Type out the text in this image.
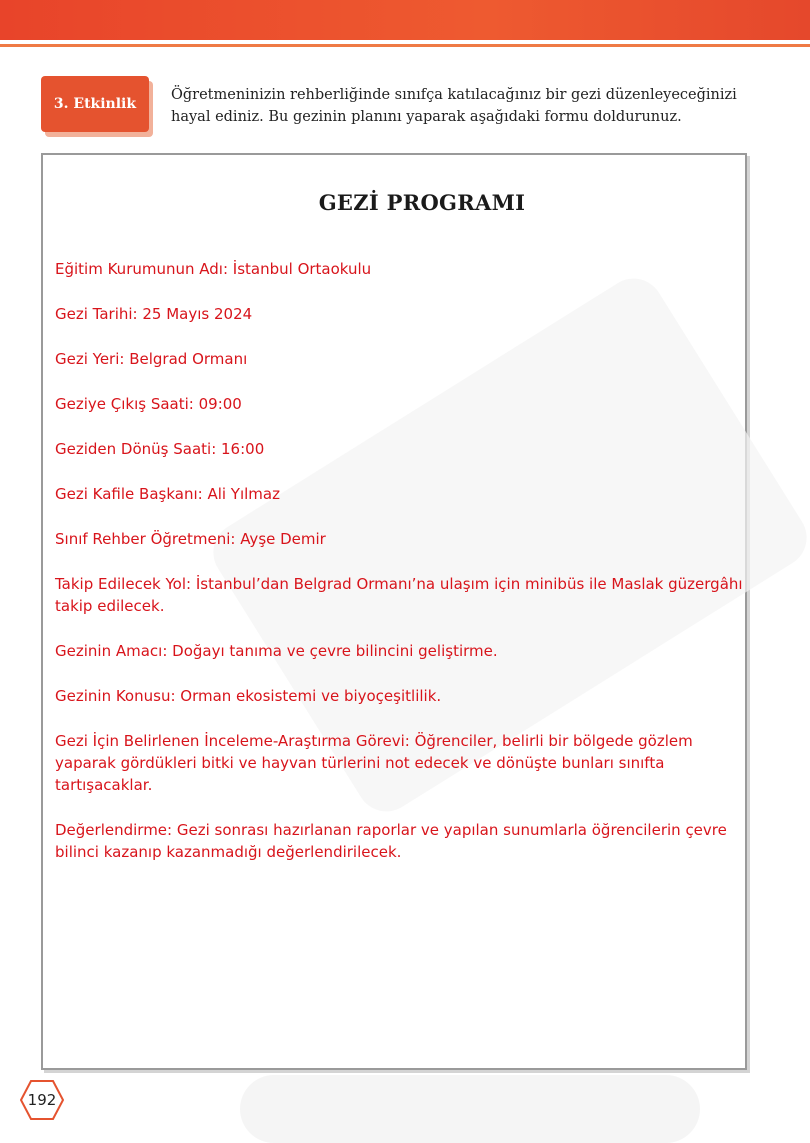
3. Etkinlik
Öğretmeninizin rehberliğinde sınıfça katılacağınız bir gezi düzenleyeceğinizi hayal ediniz. Bu gezinin planını yaparak aşağıdaki formu doldurunuz.
GEZİ PROGRAMI
Eğitim Kurumunun Adı: İstanbul Ortaokulu
Gezi Tarihi: 25 Mayıs 2024
Gezi Yeri: Belgrad Ormanı
Geziye Çıkış Saati: 09:00
Geziden Dönüş Saati: 16:00
Gezi Kafile Başkanı: Ali Yılmaz
Sınıf Rehber Öğretmeni: Ayşe Demir
Takip Edilecek Yol: İstanbul’dan Belgrad Ormanı’na ulaşım için minibüs ile Maslak güzergâhı takip edilecek.
Gezinin Amacı: Doğayı tanıma ve çevre bilincini geliştirme.
Gezinin Konusu: Orman ekosistemi ve biyoçeşitlilik.
Gezi İçin Belirlenen İnceleme-Araştırma Görevi: Öğrenciler, belirli bir bölgede gözlem yaparak gördükleri bitki ve hayvan türlerini not edecek ve dönüşte bunları sınıfta tartışacaklar.
Değerlendirme: Gezi sonrası hazırlanan raporlar ve yapılan sunumlarla öğrencilerin çevre bilinci kazanıp kazanmadığı değerlendirilecek.
192
